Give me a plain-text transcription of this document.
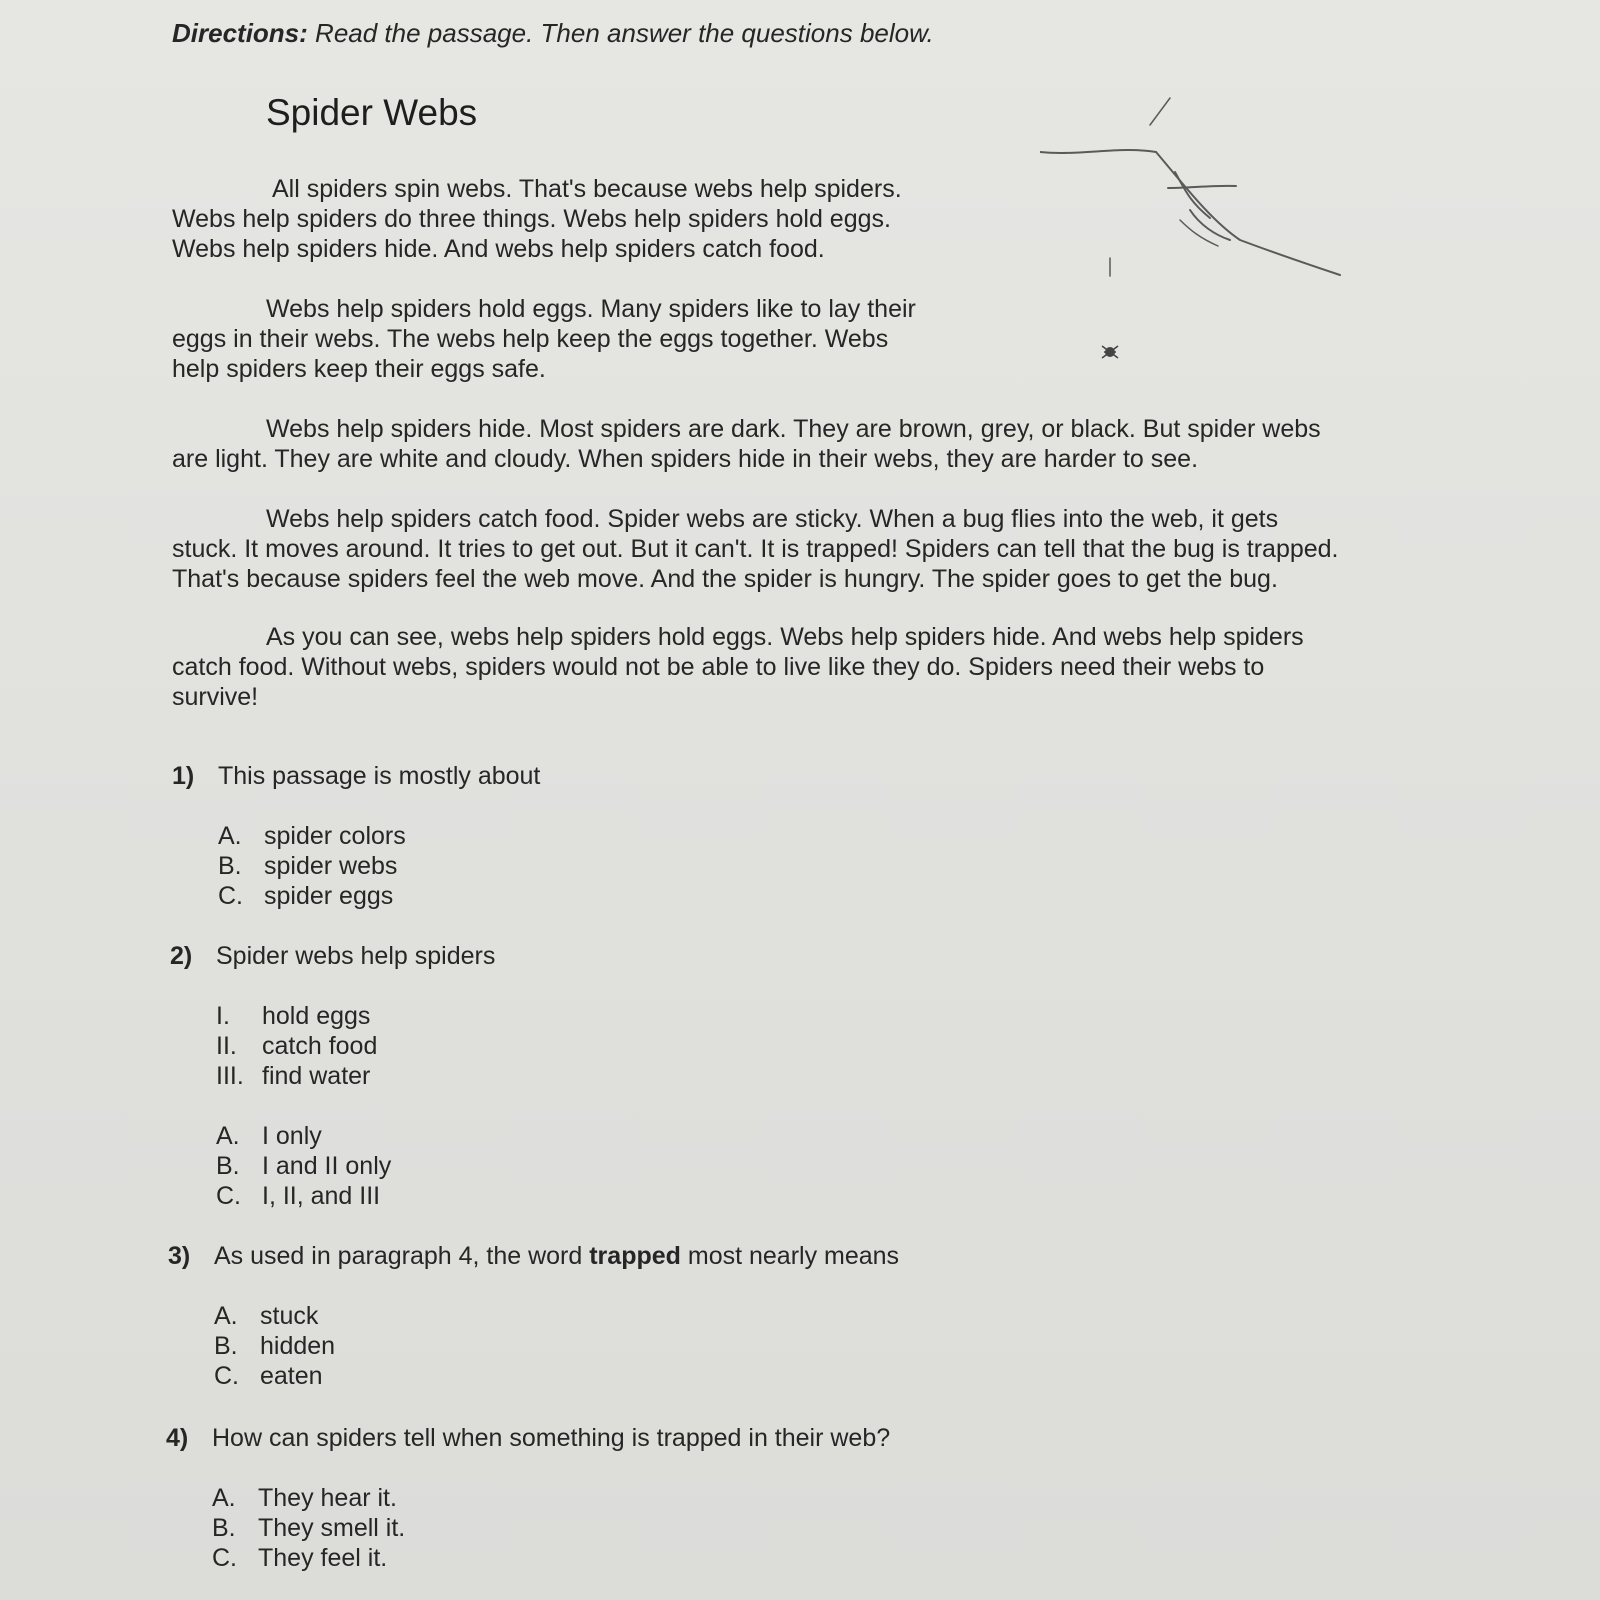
Directions: Read the passage. Then answer the questions below.
Spider Webs
All spiders spin webs. That's because webs help spiders.
Webs help spiders do three things. Webs help spiders hold eggs.
Webs help spiders hide. And webs help spiders catch food.
Webs help spiders hold eggs. Many spiders like to lay their
eggs in their webs. The webs help keep the eggs together. Webs
help spiders keep their eggs safe.
Webs help spiders hide. Most spiders are dark. They are brown, grey, or black. But spider webs
are light. They are white and cloudy. When spiders hide in their webs, they are harder to see.
Webs help spiders catch food. Spider webs are sticky. When a bug flies into the web, it gets
stuck. It moves around. It tries to get out. But it can't. It is trapped! Spiders can tell that the bug is trapped.
That's because spiders feel the web move. And the spider is hungry. The spider goes to get the bug.
As you can see, webs help spiders hold eggs. Webs help spiders hide. And webs help spiders
catch food. Without webs, spiders would not be able to live like they do. Spiders need their webs to
survive!
1) This passage is mostly about
A. spider colors
B. spider webs
C. spider eggs
2) Spider webs help spiders
I. hold eggs
II. catch food
III. find water
A. I only
B. I and II only
C. I, II, and III
3) As used in paragraph 4, the word trapped most nearly means
A. stuck
B. hidden
C. eaten
4) How can spiders tell when something is trapped in their web?
A. They hear it.
B. They smell it.
C. They feel it.
